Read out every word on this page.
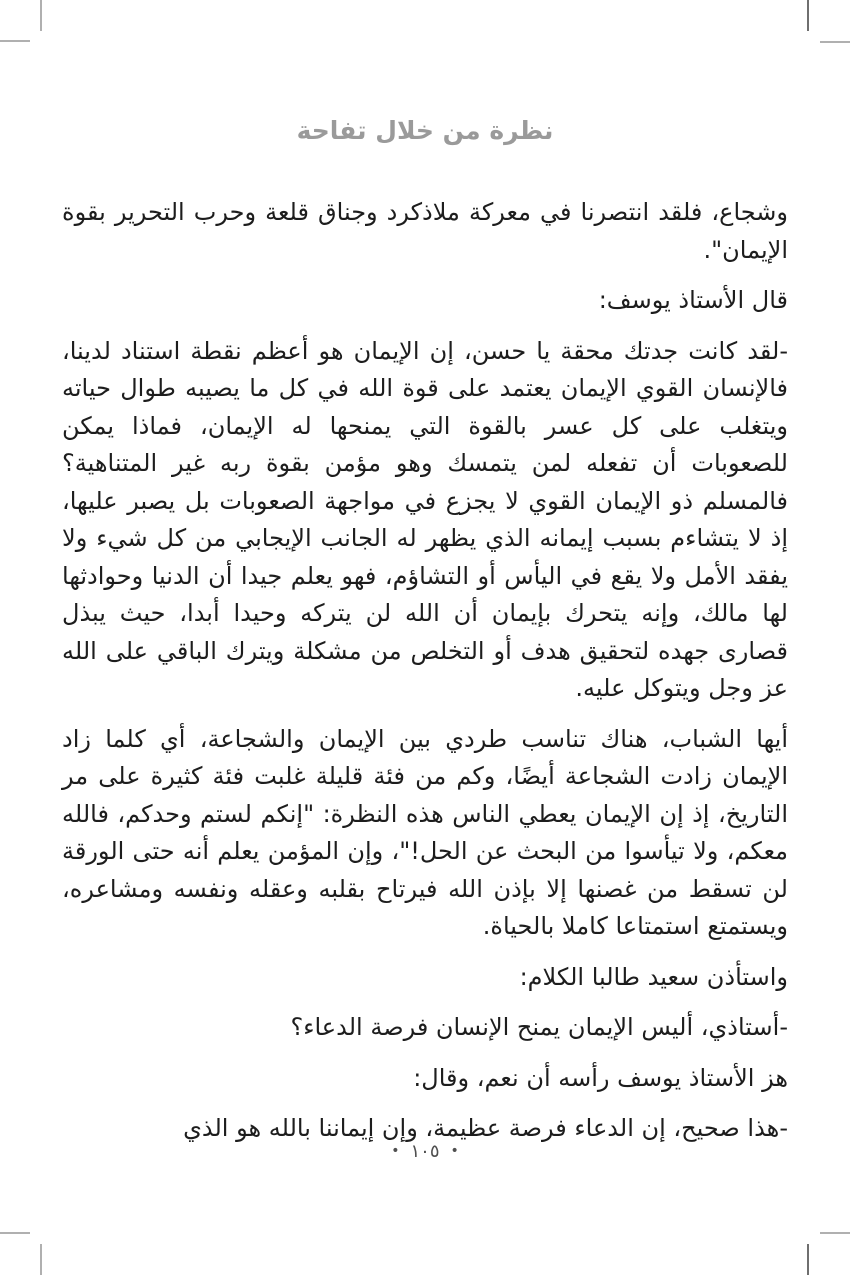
نظرة من خلال تفاحة

وشجاع، فلقد انتصرنا في معركة ملاذكرد وجناق قلعة وحرب التحرير بقوة الإيمان".

قال الأستاذ يوسف:

-لقد كانت جدتك محقة يا حسن، إن الإيمان هو أعظم نقطة استناد لدينا، فالإنسان القوي الإيمان يعتمد على قوة الله في كل ما يصيبه طوال حياته ويتغلب على كل عسر بالقوة التي يمنحها له الإيمان، فماذا يمكن للصعوبات أن تفعله لمن يتمسك وهو مؤمن بقوة ربه غير المتناهية؟ فالمسلم ذو الإيمان القوي لا يجزع في مواجهة الصعوبات بل يصبر عليها، إذ لا يتشاءم بسبب إيمانه الذي يظهر له الجانب الإيجابي من كل شيء ولا يفقد الأمل ولا يقع في اليأس أو التشاؤم، فهو يعلم جيدا أن الدنيا وحوادثها لها مالك، وإنه يتحرك بإيمان أن الله لن يتركه وحيدا أبدا، حيث يبذل قصارى جهده لتحقيق هدف أو التخلص من مشكلة ويترك الباقي على الله عز وجل ويتوكل عليه.

أيها الشباب، هناك تناسب طردي بين الإيمان والشجاعة، أي كلما زاد الإيمان زادت الشجاعة أيضًا، وكم من فئة قليلة غلبت فئة كثيرة على مر التاريخ، إذ إن الإيمان يعطي الناس هذه النظرة: "إنكم لستم وحدكم، فالله معكم، ولا تيأسوا من البحث عن الحل!"، وإن المؤمن يعلم أنه حتى الورقة لن تسقط من غصنها إلا بإذن الله فيرتاح بقلبه وعقله ونفسه ومشاعره، ويستمتع استمتاعا كاملا بالحياة.

واستأذن سعيد طالبا الكلام:

-أستاذي، أليس الإيمان يمنح الإنسان فرصة الدعاء؟

هز الأستاذ يوسف رأسه أن نعم، وقال:

-هذا صحيح، إن الدعاء فرصة عظيمة، وإن إيماننا بالله هو الذي

•١٠٥•
